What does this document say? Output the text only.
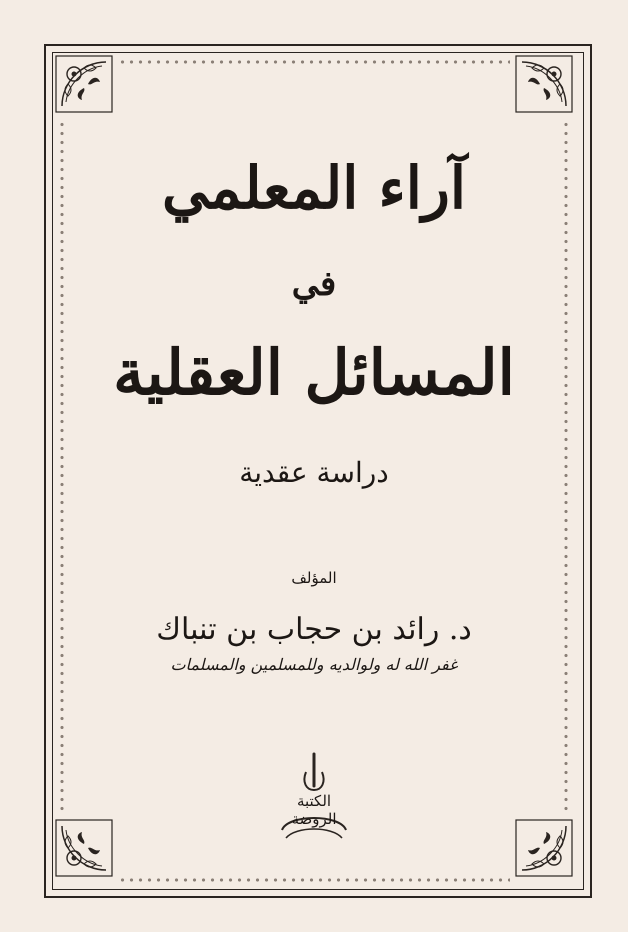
آراء المعلمي
في
المسائل العقلية
دراسة عقدية
المؤلف
د. رائد بن حجاب بن تنباك
غفر الله له ولوالديه وللمسلمين والمسلمات
الكتبة الروضة
